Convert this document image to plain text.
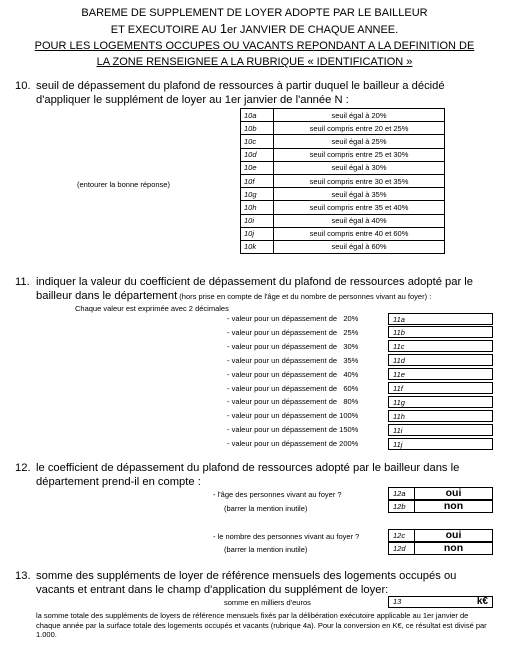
BAREME DE SUPPLEMENT DE LOYER ADOPTE PAR LE BAILLEUR
ET EXECUTOIRE AU 1er JANVIER DE CHAQUE ANNEE.
POUR LES LOGEMENTS OCCUPES OU VACANTS REPONDANT A LA DEFINITION DE
LA ZONE RENSEIGNEE A LA RUBRIQUE « IDENTIFICATION »
10. seuil de dépassement du plafond de ressources à partir duquel le bailleur a décidé
d'appliquer le supplément de loyer au 1er janvier de l'année N :
(entourer la bonne réponse)
10a	seuil égal à 20%
10b	seuil compris entre 20 et 25%
10c	seuil égal à 25%
10d	seuil compris entre 25 et 30%
10e	seuil égal à 30%
10f	seuil compris entre 30 et 35%
10g	seuil égal à 35%
10h	seuil compris entre 35 et 40%
10i	seuil égal à 40%
10j	seuil compris entre 40 et 60%
10k	seuil égal à 60%
11. indiquer la valeur du coefficient de dépassement du plafond de ressources adopté par le
bailleur dans le département (hors prise en compte de l'âge et du nombre de personnes vivant au foyer) :
Chaque valeur est exprimée avec 2 décimales
- valeur pour un dépassement de   20%	11a
- valeur pour un dépassement de   25%	11b
- valeur pour un dépassement de   30%	11c
- valeur pour un dépassement de   35%	11d
- valeur pour un dépassement de   40%	11e
- valeur pour un dépassement de   60%	11f
- valeur pour un dépassement de   80%	11g
- valeur pour un dépassement de 100%	11h
- valeur pour un dépassement de 150%	11i
- valeur pour un dépassement de 200%	11j
12. le coefficient de dépassement du plafond de ressources adopté par le bailleur dans le
département prend-il en compte :
- l'âge des personnes vivant au foyer ?
(barrer la mention inutile)
- le nombre des personnes vivant au foyer ?
(barrer la mention inutile)
12a	oui
12b	non
12c	oui
12d	non
13. somme des suppléments de loyer de référence mensuels des logements occupés ou
vacants et entrant dans le champ d'application du supplément de loyer:
somme en milliers d'euros	13	k€
la somme totale des suppléments de loyers de référence mensuels fixés par la délibération exécutoire applicable au 1er janvier de chaque année par la surface totale des logements occupés et vacants (rubrique 4a). Pour la conversion en K€, ce résultat est divisé par 1.000.
